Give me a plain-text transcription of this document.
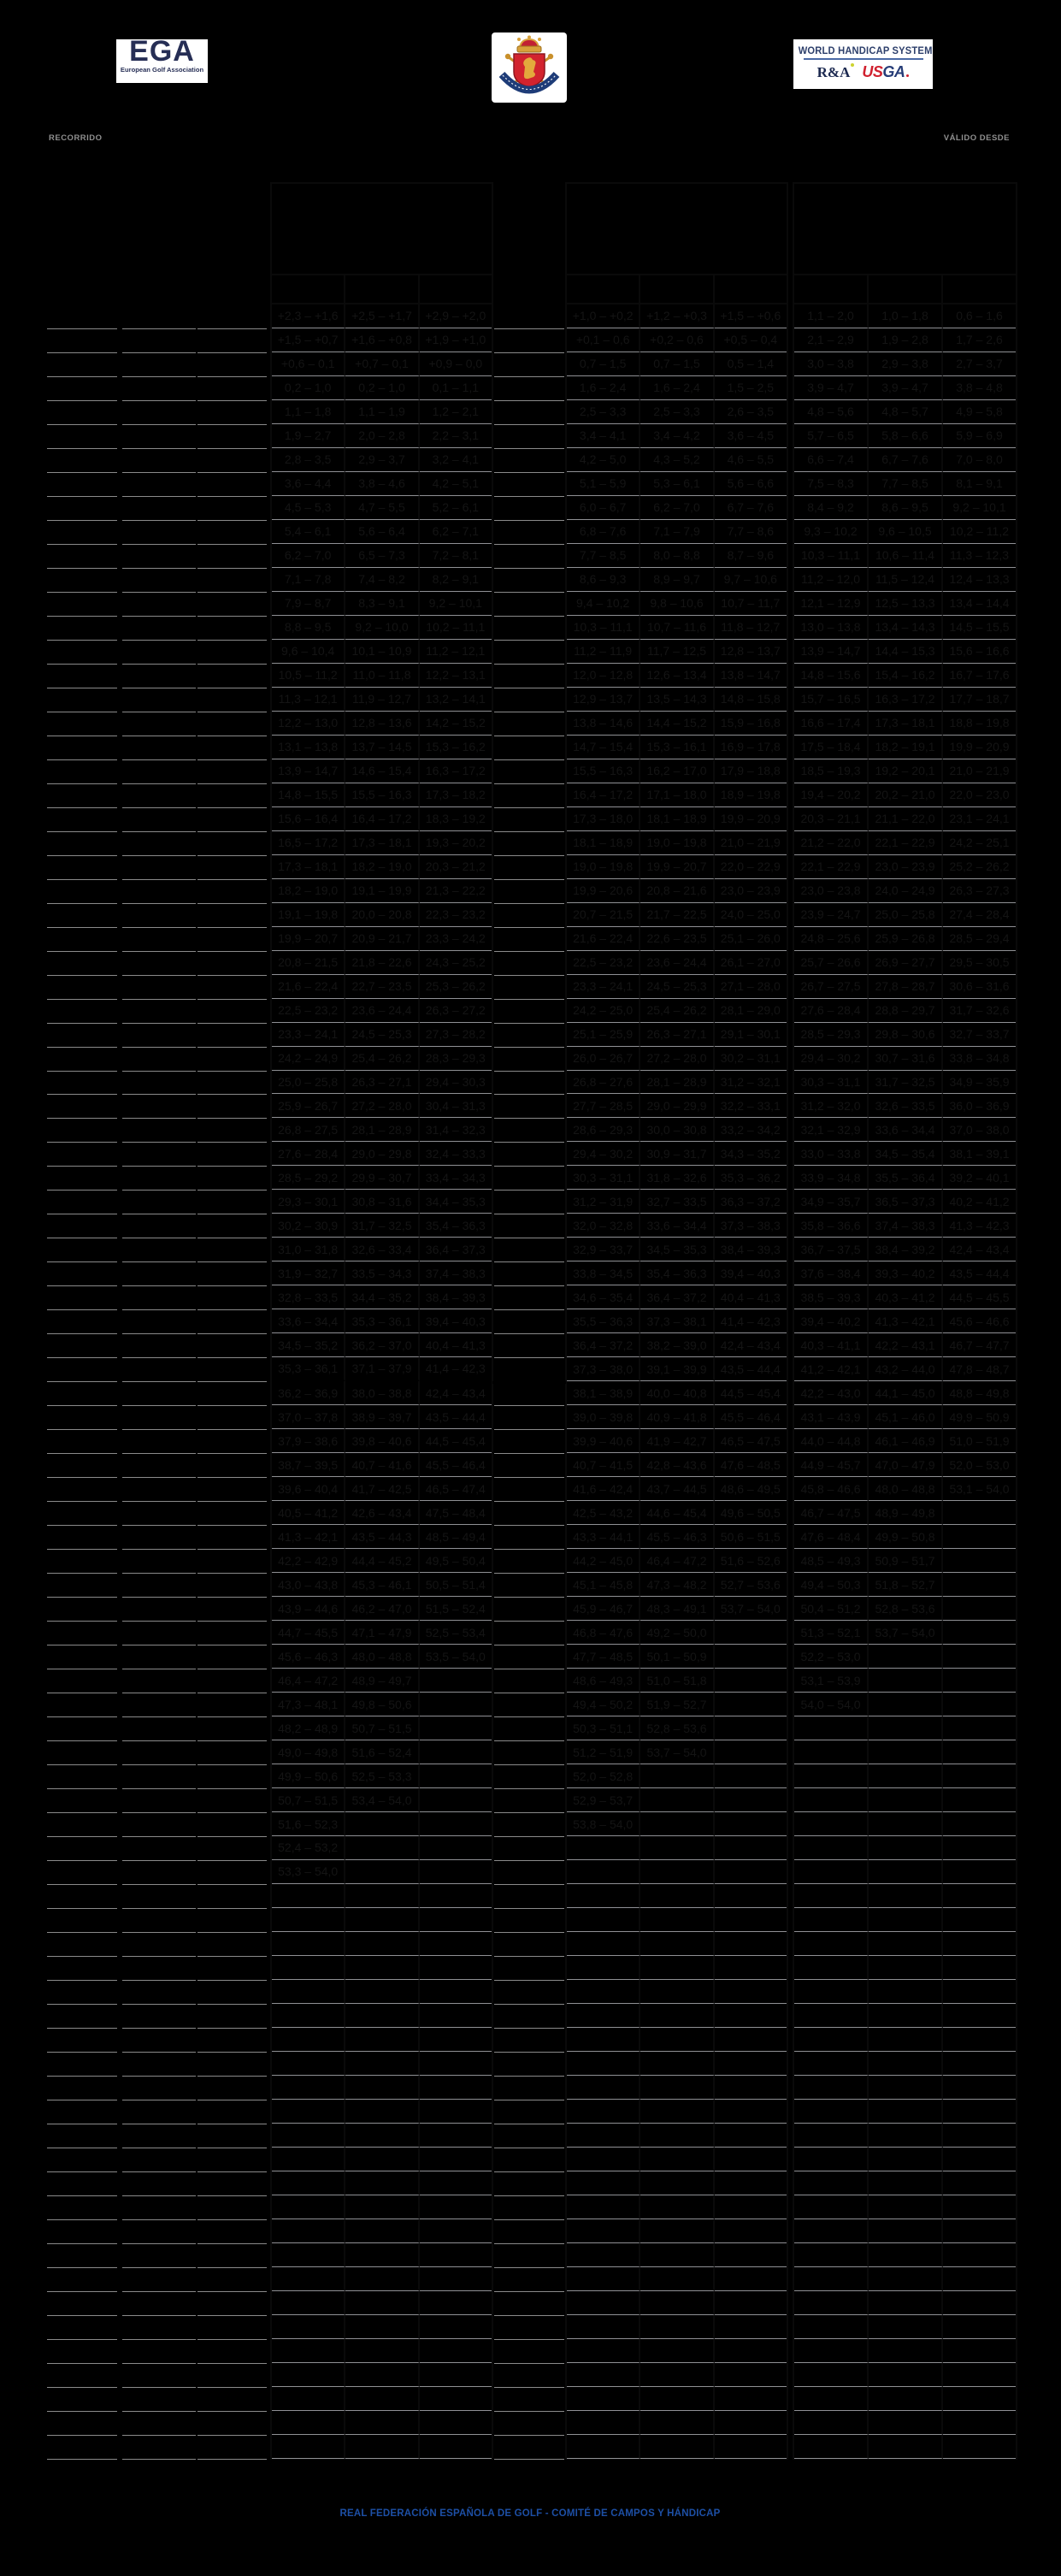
EGA
European Golf Association
WORLD HANDICAP SYSTEM
R&A USGA
RECORRIDO	VÁLIDO DESDE
AMARILLAS
HOMBRES - 18 HOYOS
CR: 69,3	SR: 132	PAR: 70
INFORMAL
100%
MEDAL/STBLF
95%
FOUR BALL
85%
+2,3 – +1,6	+2,5 – +1,7	+2,9 – +2,0
+1,5 – +0,7	+1,6 – +0,8	+1,9 – +1,0
+0,6 – 0,1	+0,7 – 0,1	+0,9 – 0,0
0,2 – 1,0	0,2 – 1,0	0,1 – 1,1
1,1 – 1,8	1,1 – 1,9	1,2 – 2,1
1,9 – 2,7	2,0 – 2,8	2,2 – 3,1
2,8 – 3,5	2,9 – 3,7	3,2 – 4,1
3,6 – 4,4	3,8 – 4,6	4,2 – 5,1
4,5 – 5,3	4,7 – 5,5	5,2 – 6,1
5,4 – 6,1	5,6 – 6,4	6,2 – 7,1
6,2 – 7,0	6,5 – 7,3	7,2 – 8,1
7,1 – 7,8	7,4 – 8,2	8,2 – 9,1
7,9 – 8,7	8,3 – 9,1	9,2 – 10,1
8,8 – 9,5	9,2 – 10,0	10,2 – 11,1
9,6 – 10,4	10,1 – 10,9	11,2 – 12,1
10,5 – 11,2	11,0 – 11,8	12,2 – 13,1
11,3 – 12,1	11,9 – 12,7	13,2 – 14,1
12,2 – 13,0	12,8 – 13,6	14,2 – 15,2
13,1 – 13,8	13,7 – 14,5	15,3 – 16,2
13,9 – 14,7	14,6 – 15,4	16,3 – 17,2
14,8 – 15,5	15,5 – 16,3	17,3 – 18,2
15,6 – 16,4	16,4 – 17,2	18,3 – 19,2
16,5 – 17,2	17,3 – 18,1	19,3 – 20,2
17,3 – 18,1	18,2 – 19,0	20,3 – 21,2
18,2 – 19,0	19,1 – 19,9	21,3 – 22,2
19,1 – 19,8	20,0 – 20,8	22,3 – 23,2
19,9 – 20,7	20,9 – 21,7	23,3 – 24,2
20,8 – 21,5	21,8 – 22,6	24,3 – 25,2
21,6 – 22,4	22,7 – 23,5	25,3 – 26,2
22,5 – 23,2	23,6 – 24,4	26,3 – 27,2
23,3 – 24,1	24,5 – 25,3	27,3 – 28,2
24,2 – 24,9	25,4 – 26,2	28,3 – 29,3
25,0 – 25,8	26,3 – 27,1	29,4 – 30,3
25,9 – 26,7	27,2 – 28,0	30,4 – 31,3
26,8 – 27,5	28,1 – 28,9	31,4 – 32,3
27,6 – 28,4	29,0 – 29,8	32,4 – 33,3
28,5 – 29,2	29,9 – 30,7	33,4 – 34,3
29,3 – 30,1	30,8 – 31,6	34,4 – 35,3
30,2 – 30,9	31,7 – 32,5	35,4 – 36,3
31,0 – 31,8	32,6 – 33,4	36,4 – 37,3
31,9 – 32,7	33,5 – 34,3	37,4 – 38,3
32,8 – 33,5	34,4 – 35,2	38,4 – 39,3
33,6 – 34,4	35,3 – 36,1	39,4 – 40,3
34,5 – 35,2	36,2 – 37,0	40,4 – 41,3
35,3 – 36,1	37,1 – 37,9	41,4 – 42,3
36,2 – 36,9	38,0 – 38,8	42,4 – 43,4
37,0 – 37,8	38,9 – 39,7	43,5 – 44,4
37,9 – 38,6	39,8 – 40,6	44,5 – 45,4
38,7 – 39,5	40,7 – 41,6	45,5 – 46,4
39,6 – 40,4	41,7 – 42,5	46,5 – 47,4
40,5 – 41,2	42,6 – 43,4	47,5 – 48,4
41,3 – 42,1	43,5 – 44,3	48,5 – 49,4
42,2 – 42,9	44,4 – 45,2	49,5 – 50,4
43,0 – 43,8	45,3 – 46,1	50,5 – 51,4
43,9 – 44,6	46,2 – 47,0	51,5 – 52,4
44,7 – 45,5	47,1 – 47,9	52,5 – 53,4
45,6 – 46,3	48,0 – 48,8	53,5 – 54,0
46,4 – 47,2	48,9 – 49,7
47,3 – 48,1	49,8 – 50,6
48,2 – 48,9	50,7 – 51,5
49,0 – 49,8	51,6 – 52,4
49,9 – 50,6	52,5 – 53,3
50,7 – 51,5	53,4 – 54,0
51,6 – 52,3
52,4 – 53,2
53,3 – 54,0
AZULES
HOMBRES - 18 HOYOS
CR: 67,7	SR: 130	PAR: 70
INFORMAL
100%
MEDAL/STBLF
95%
FOUR BALL
85%
+1,0 – +0,2	+1,2 – +0,3	+1,5 – +0,6
+0,1 – 0,6	+0,2 – 0,6	+0,5 – 0,4
0,7 – 1,5	0,7 – 1,5	0,5 – 1,4
1,6 – 2,4	1,6 – 2,4	1,5 – 2,5
2,5 – 3,3	2,5 – 3,3	2,6 – 3,5
3,4 – 4,1	3,4 – 4,2	3,6 – 4,5
4,2 – 5,0	4,3 – 5,2	4,6 – 5,5
5,1 – 5,9	5,3 – 6,1	5,6 – 6,6
6,0 – 6,7	6,2 – 7,0	6,7 – 7,6
6,8 – 7,6	7,1 – 7,9	7,7 – 8,6
7,7 – 8,5	8,0 – 8,8	8,7 – 9,6
8,6 – 9,3	8,9 – 9,7	9,7 – 10,6
9,4 – 10,2	9,8 – 10,6	10,7 – 11,7
10,3 – 11,1	10,7 – 11,6	11,8 – 12,7
11,2 – 11,9	11,7 – 12,5	12,8 – 13,7
12,0 – 12,8	12,6 – 13,4	13,8 – 14,7
12,9 – 13,7	13,5 – 14,3	14,8 – 15,8
13,8 – 14,6	14,4 – 15,2	15,9 – 16,8
14,7 – 15,4	15,3 – 16,1	16,9 – 17,8
15,5 – 16,3	16,2 – 17,0	17,9 – 18,8
16,4 – 17,2	17,1 – 18,0	18,9 – 19,8
17,3 – 18,0	18,1 – 18,9	19,9 – 20,9
18,1 – 18,9	19,0 – 19,8	21,0 – 21,9
19,0 – 19,8	19,9 – 20,7	22,0 – 22,9
19,9 – 20,6	20,8 – 21,6	23,0 – 23,9
20,7 – 21,5	21,7 – 22,5	24,0 – 25,0
21,6 – 22,4	22,6 – 23,5	25,1 – 26,0
22,5 – 23,2	23,6 – 24,4	26,1 – 27,0
23,3 – 24,1	24,5 – 25,3	27,1 – 28,0
24,2 – 25,0	25,4 – 26,2	28,1 – 29,0
25,1 – 25,9	26,3 – 27,1	29,1 – 30,1
26,0 – 26,7	27,2 – 28,0	30,2 – 31,1
26,8 – 27,6	28,1 – 28,9	31,2 – 32,1
27,7 – 28,5	29,0 – 29,9	32,2 – 33,1
28,6 – 29,3	30,0 – 30,8	33,2 – 34,2
29,4 – 30,2	30,9 – 31,7	34,3 – 35,2
30,3 – 31,1	31,8 – 32,6	35,3 – 36,2
31,2 – 31,9	32,7 – 33,5	36,3 – 37,2
32,0 – 32,8	33,6 – 34,4	37,3 – 38,3
32,9 – 33,7	34,5 – 35,3	38,4 – 39,3
33,8 – 34,5	35,4 – 36,3	39,4 – 40,3
34,6 – 35,4	36,4 – 37,2	40,4 – 41,3
35,5 – 36,3	37,3 – 38,1	41,4 – 42,3
36,4 – 37,2	38,2 – 39,0	42,4 – 43,4
37,3 – 38,0	39,1 – 39,9	43,5 – 44,4
38,1 – 38,9	40,0 – 40,8	44,5 – 45,4
39,0 – 39,8	40,9 – 41,8	45,5 – 46,4
39,9 – 40,6	41,9 – 42,7	46,5 – 47,5
40,7 – 41,5	42,8 – 43,6	47,6 – 48,5
41,6 – 42,4	43,7 – 44,5	48,6 – 49,5
42,5 – 43,2	44,6 – 45,4	49,6 – 50,5
43,3 – 44,1	45,5 – 46,3	50,6 – 51,5
44,2 – 45,0	46,4 – 47,2	51,6 – 52,6
45,1 – 45,8	47,3 – 48,2	52,7 – 53,6
45,9 – 46,7	48,3 – 49,1	53,7 – 54,0
46,8 – 47,6	49,2 – 50,0
47,7 – 48,5	50,1 – 50,9
48,6 – 49,3	51,0 – 51,8
49,4 – 50,2	51,9 – 52,7
50,3 – 51,1	52,8 – 53,6
51,2 – 51,9	53,7 – 54,0
52,0 – 52,8
52,9 – 53,7
53,8 – 54,0
ROJAS
HOMBRES - 18 HOYOS
CR: 65,3	SR: 124	PAR: 70
INFORMAL
100%
MEDAL/STBLF
95%
FOUR BALL
85%
1,1 – 2,0	1,0 – 1,8	0,6 – 1,6
2,1 – 2,9	1,9 – 2,8	1,7 – 2,6
3,0 – 3,8	2,9 – 3,8	2,7 – 3,7
3,9 – 4,7	3,9 – 4,7	3,8 – 4,8
4,8 – 5,6	4,8 – 5,7	4,9 – 5,8
5,7 – 6,5	5,8 – 6,6	5,9 – 6,9
6,6 – 7,4	6,7 – 7,6	7,0 – 8,0
7,5 – 8,3	7,7 – 8,5	8,1 – 9,1
8,4 – 9,2	8,6 – 9,5	9,2 – 10,1
9,3 – 10,2	9,6 – 10,5	10,2 – 11,2
10,3 – 11,1	10,6 – 11,4	11,3 – 12,3
11,2 – 12,0	11,5 – 12,4	12,4 – 13,3
12,1 – 12,9	12,5 – 13,3	13,4 – 14,4
13,0 – 13,8	13,4 – 14,3	14,5 – 15,5
13,9 – 14,7	14,4 – 15,3	15,6 – 16,6
14,8 – 15,6	15,4 – 16,2	16,7 – 17,6
15,7 – 16,5	16,3 – 17,2	17,7 – 18,7
16,6 – 17,4	17,3 – 18,1	18,8 – 19,8
17,5 – 18,4	18,2 – 19,1	19,9 – 20,9
18,5 – 19,3	19,2 – 20,1	21,0 – 21,9
19,4 – 20,2	20,2 – 21,0	22,0 – 23,0
20,3 – 21,1	21,1 – 22,0	23,1 – 24,1
21,2 – 22,0	22,1 – 22,9	24,2 – 25,1
22,1 – 22,9	23,0 – 23,9	25,2 – 26,2
23,0 – 23,8	24,0 – 24,9	26,3 – 27,3
23,9 – 24,7	25,0 – 25,8	27,4 – 28,4
24,8 – 25,6	25,9 – 26,8	28,5 – 29,4
25,7 – 26,6	26,9 – 27,7	29,5 – 30,5
26,7 – 27,5	27,8 – 28,7	30,6 – 31,6
27,6 – 28,4	28,8 – 29,7	31,7 – 32,6
28,5 – 29,3	29,8 – 30,6	32,7 – 33,7
29,4 – 30,2	30,7 – 31,6	33,8 – 34,8
30,3 – 31,1	31,7 – 32,5	34,9 – 35,9
31,2 – 32,0	32,6 – 33,5	36,0 – 36,9
32,1 – 32,9	33,6 – 34,4	37,0 – 38,0
33,0 – 33,8	34,5 – 35,4	38,1 – 39,1
33,9 – 34,8	35,5 – 36,4	39,2 – 40,1
34,9 – 35,7	36,5 – 37,3	40,2 – 41,2
35,8 – 36,6	37,4 – 38,3	41,3 – 42,3
36,7 – 37,5	38,4 – 39,2	42,4 – 43,4
37,6 – 38,4	39,3 – 40,2	43,5 – 44,4
38,5 – 39,3	40,3 – 41,2	44,5 – 45,5
39,4 – 40,2	41,3 – 42,1	45,6 – 46,6
40,3 – 41,1	42,2 – 43,1	46,7 – 47,7
41,2 – 42,1	43,2 – 44,0	47,8 – 48,7
42,2 – 43,0	44,1 – 45,0	48,8 – 49,8
43,1 – 43,9	45,1 – 46,0	49,9 – 50,9
44,0 – 44,8	46,1 – 46,9	51,0 – 51,9
44,9 – 45,7	47,0 – 47,9	52,0 – 53,0
45,8 – 46,6	48,0 – 48,8	53,1 – 54,0
46,7 – 47,5	48,9 – 49,8
47,6 – 48,4	49,9 – 50,8
48,5 – 49,3	50,9 – 51,7
49,4 – 50,3	51,8 – 52,7
50,4 – 51,2	52,8 – 53,6
51,3 – 52,1	53,7 – 54,0
52,2 – 53,0
53,1 – 53,9
54,0 – 54,0
REAL FEDERACIÓN ESPAÑOLA DE GOLF - COMITÉ DE CAMPOS Y HÁNDICAP
